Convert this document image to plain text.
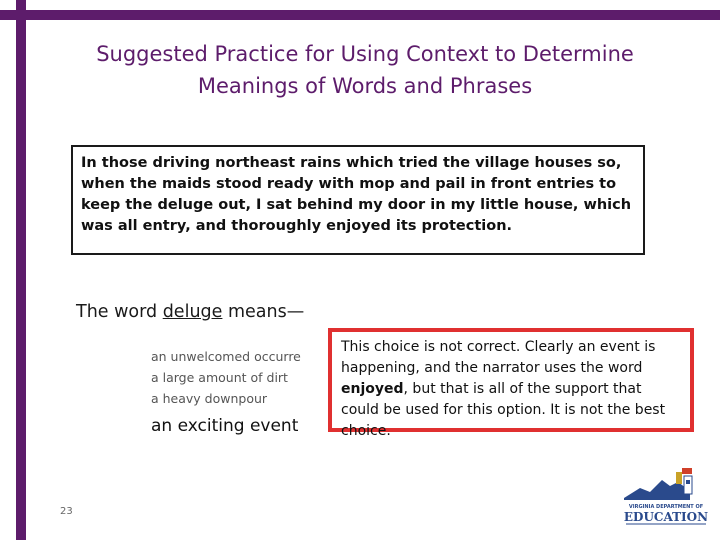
Suggested Practice for Using Context to Determine
Meanings of Words and Phrases
In those driving northeast rains which tried the village houses so, when the maids stood ready with mop and pail in front entries to keep the deluge out, I sat behind my door in my little house, which was all entry, and thoroughly enjoyed its protection.
The word deluge means—
an unwelcomed occurre
a large amount of dirt
a heavy downpour
an exciting event
This choice is not correct. Clearly an event is happening, and the narrator uses the word enjoyed, but that is all of the support that could be used for this option. It is not the best choice.
23	VIRGINIA DEPARTMENT OF
EDUCATION
